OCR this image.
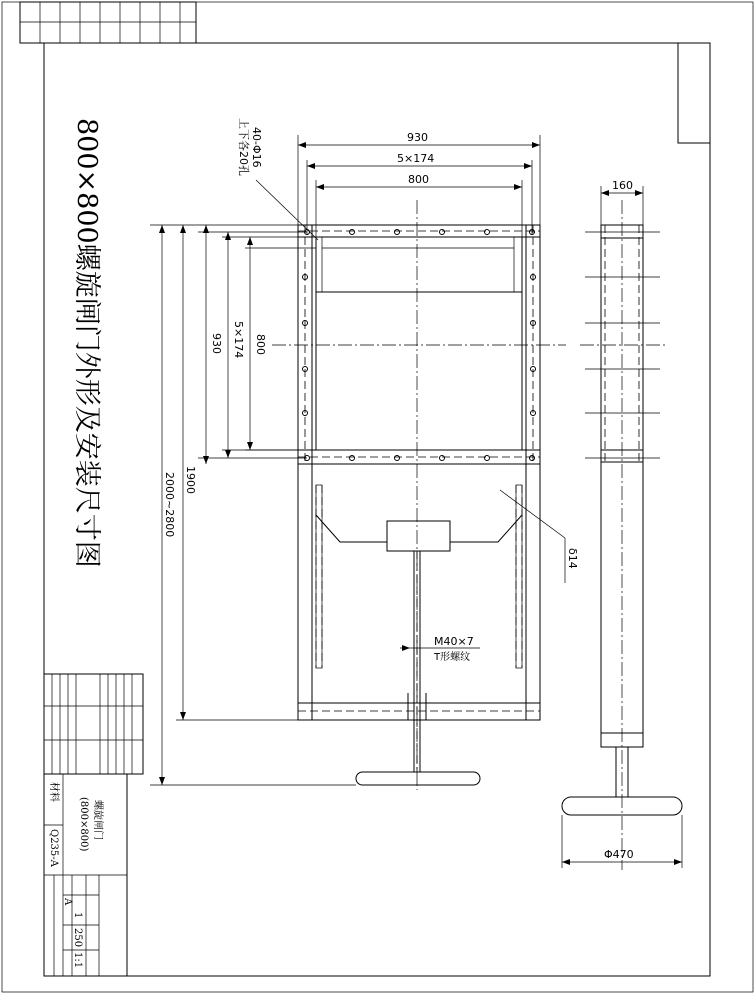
800×800螺旋闸门外形及安装尺寸图	930
5×174
800
40-Φ16
上下各20孔
930 5×174 800
1900
2000~2800
δ14
M40×7
T形螺纹
160
Φ470
材料
Q235-A
螺旋闸门
(800×800)
A
1
250
1:1
